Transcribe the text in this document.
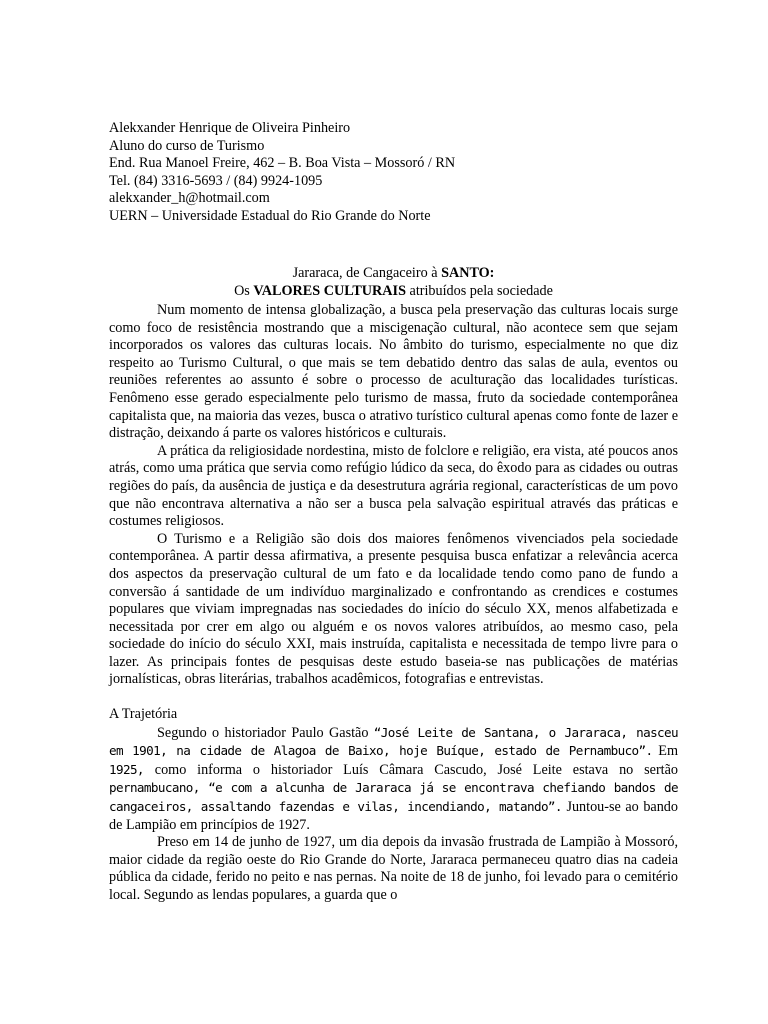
Alekxander Henrique de Oliveira Pinheiro
Aluno do curso de Turismo
End. Rua Manoel Freire, 462 – B. Boa Vista – Mossoró / RN
Tel. (84) 3316-5693 / (84) 9924-1095
alekxander_h@hotmail.com
UERN – Universidade Estadual do Rio Grande do Norte
Jararaca, de Cangaceiro à SANTO:
Os VALORES CULTURAIS atribuídos pela sociedade

Num momento de intensa globalização, a busca pela preservação das culturas locais surge como foco de resistência mostrando que a miscigenação cultural, não acontece sem que sejam incorporados os valores das culturas locais. No âmbito do turismo, especialmente no que diz respeito ao Turismo Cultural, o que mais se tem debatido dentro das salas de aula, eventos ou reuniões referentes ao assunto é sobre o processo de aculturação das localidades turísticas. Fenômeno esse gerado especialmente pelo turismo de massa, fruto da sociedade contemporânea capitalista que, na maioria das vezes, busca o atrativo turístico cultural apenas como fonte de lazer e distração, deixando á parte os valores históricos e culturais.

A prática da religiosidade nordestina, misto de folclore e religião, era vista, até poucos anos atrás, como uma prática que servia como refúgio lúdico da seca, do êxodo para as cidades ou outras regiões do país, da ausência de justiça e da desestrutura agrária regional, características de um povo que não encontrava alternativa a não ser a busca pela salvação espiritual através das práticas e costumes religiosos.

O Turismo e a Religião são dois dos maiores fenômenos vivenciados pela sociedade contemporânea. A partir dessa afirmativa, a presente pesquisa busca enfatizar a relevância acerca dos aspectos da preservação cultural de um fato e da localidade tendo como pano de fundo a conversão á santidade de um indivíduo marginalizado e confrontando as crendices e costumes populares que viviam impregnadas nas sociedades do início do século XX, menos alfabetizada e necessitada por crer em algo ou alguém e os novos valores atribuídos, ao mesmo caso, pela sociedade do início do século XXI, mais instruída, capitalista e necessitada de tempo livre para o lazer. As principais fontes de pesquisas deste estudo baseia-se nas publicações de matérias jornalísticas, obras literárias, trabalhos acadêmicos, fotografias e entrevistas.

A Trajetória

Segundo o historiador Paulo Gastão “José Leite de Santana, o Jararaca, nasceu em 1901, na cidade de Alagoa de Baixo, hoje Buíque, estado de Pernambuco”. Em 1925, como informa o historiador Luís Câmara Cascudo, José Leite estava no sertão pernambucano, “e com a alcunha de Jararaca já se encontrava chefiando bandos de cangaceiros, assaltando fazendas e vilas, incendiando, matando”. Juntou-se ao bando de Lampião em princípios de 1927.

Preso em 14 de junho de 1927, um dia depois da invasão frustrada de Lampião à Mossoró, maior cidade da região oeste do Rio Grande do Norte, Jararaca permaneceu quatro dias na cadeia pública da cidade, ferido no peito e nas pernas. Na noite de 18 de junho, foi levado para o cemitério local. Segundo as lendas populares, a guarda que o
